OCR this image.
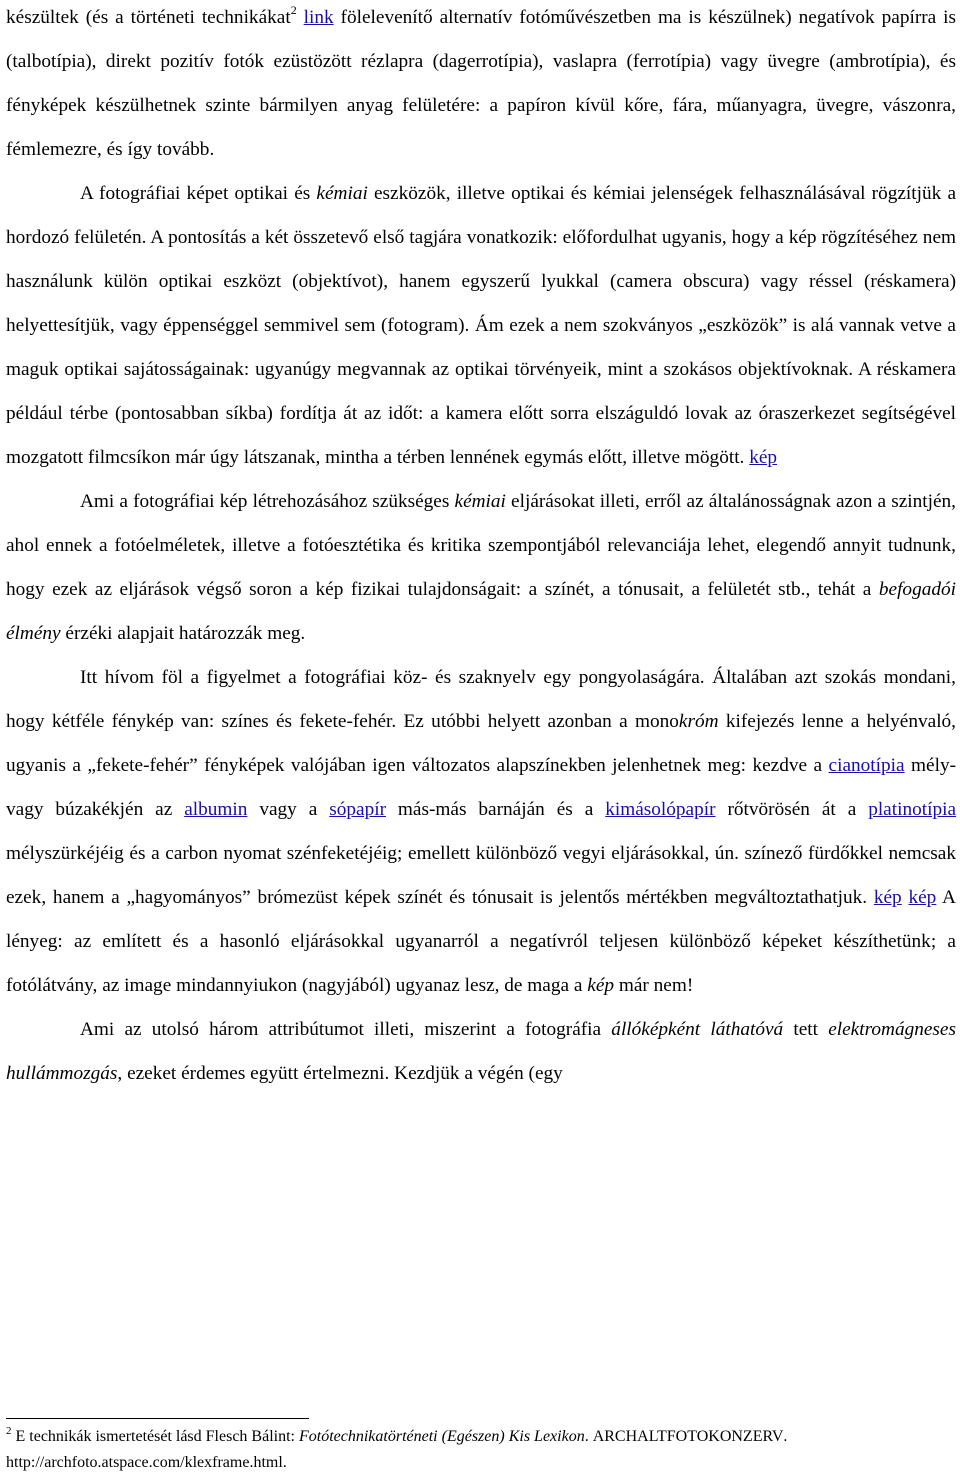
készültek (és a történeti technikákat$^2$ link fölelevenítő alternatív fotóművészetben ma is készülnek) negatívok papírra is (talbotípia), direkt pozitív fotók ezüstözött rézlapra (dagerrotípia), vaslapra (ferrotípia) vagy üvegre (ambrotípia), és fényképek készülhetnek szinte bármilyen anyag felületére: a papíron kívül kőre, fára, műanyagra, üvegre, vászonra, fémlemezre, és így tovább.

A fotográfiai képet optikai és kémiai eszközök, illetve optikai és kémiai jelenségek felhasználásával rögzítjük a hordozó felületén. A pontosítás a két összetevő első tagjára vonatkozik: előfordulhat ugyanis, hogy a kép rögzítéséhez nem használunk külön optikai eszközt (objektívot), hanem egyszerű lyukkal (camera obscura) vagy réssel (réskamera) helyettesítjük, vagy éppenséggel semmivel sem (fotogram). Ám ezek a nem szokványos „eszközök” is alá vannak vetve a maguk optikai sajátosságainak: ugyanúgy megvannak az optikai törvényeik, mint a szokásos objektívoknak. A réskamera például térbe (pontosabban síkba) fordítja át az időt: a kamera előtt sorra elszáguldó lovak az óraszerkezet segítségével mozgatott filmcsíkon már úgy látszanak, mintha a térben lennének egymás előtt, illetve mögött. kép

Ami a fotográfiai kép létrehozásához szükséges kémiai eljárásokat illeti, erről az általánosságnak azon a szintjén, ahol ennek a fotóelméletek, illetve a fotóesztétika és kritika szempontjából relevanciája lehet, elegendő annyit tudnunk, hogy ezek az eljárások végső soron a kép fizikai tulajdonságait: a színét, a tónusait, a felületét stb., tehát a befogadói élmény érzéki alapjait határozzák meg.

Itt hívom föl a figyelmet a fotográfiai köz- és szaknyelv egy pongyolaságára. Általában azt szokás mondani, hogy kétféle fénykép van: színes és fekete-fehér. Ez utóbbi helyett azonban a monokróm kifejezés lenne a helyénvaló, ugyanis a „fekete-fehér” fényképek valójában igen változatos alapszínekben jelenhetnek meg: kezdve a cianotípia mély- vagy búzakékjén az albumin vagy a sópapír más-más barnáján és a kimásolópapír rőtvörösén át a platinotípia mélyszürkéjéig és a carbon nyomat szénfeketéjéig; emellett különböző vegyi eljárásokkal, ún. színező fürdőkkel nemcsak ezek, hanem a „hagyományos” brómezüst képek színét és tónusait is jelentős mértékben megváltoztathatjuk. kép kép A lényeg: az említett és a hasonló eljárásokkal ugyanarról a negatívról teljesen különböző képeket készíthetünk; a fotólátvány, az image mindannyiukon (nagyjából) ugyanaz lesz, de maga a kép már nem!

Ami az utolsó három attribútumot illeti, miszerint a fotográfia állóképként láthatóvá tett elektromágneses hullámmozgás, ezeket érdemes együtt értelmezni. Kezdjük a végén (egy

$^2$ E technikák ismertetését lásd Flesch Bálint: Fotótechnikatörténeti (Egészen) Kis Lexikon. ARCHALTFOTOKONZERV. http://archfoto.atspace.com/klexframe.html.
